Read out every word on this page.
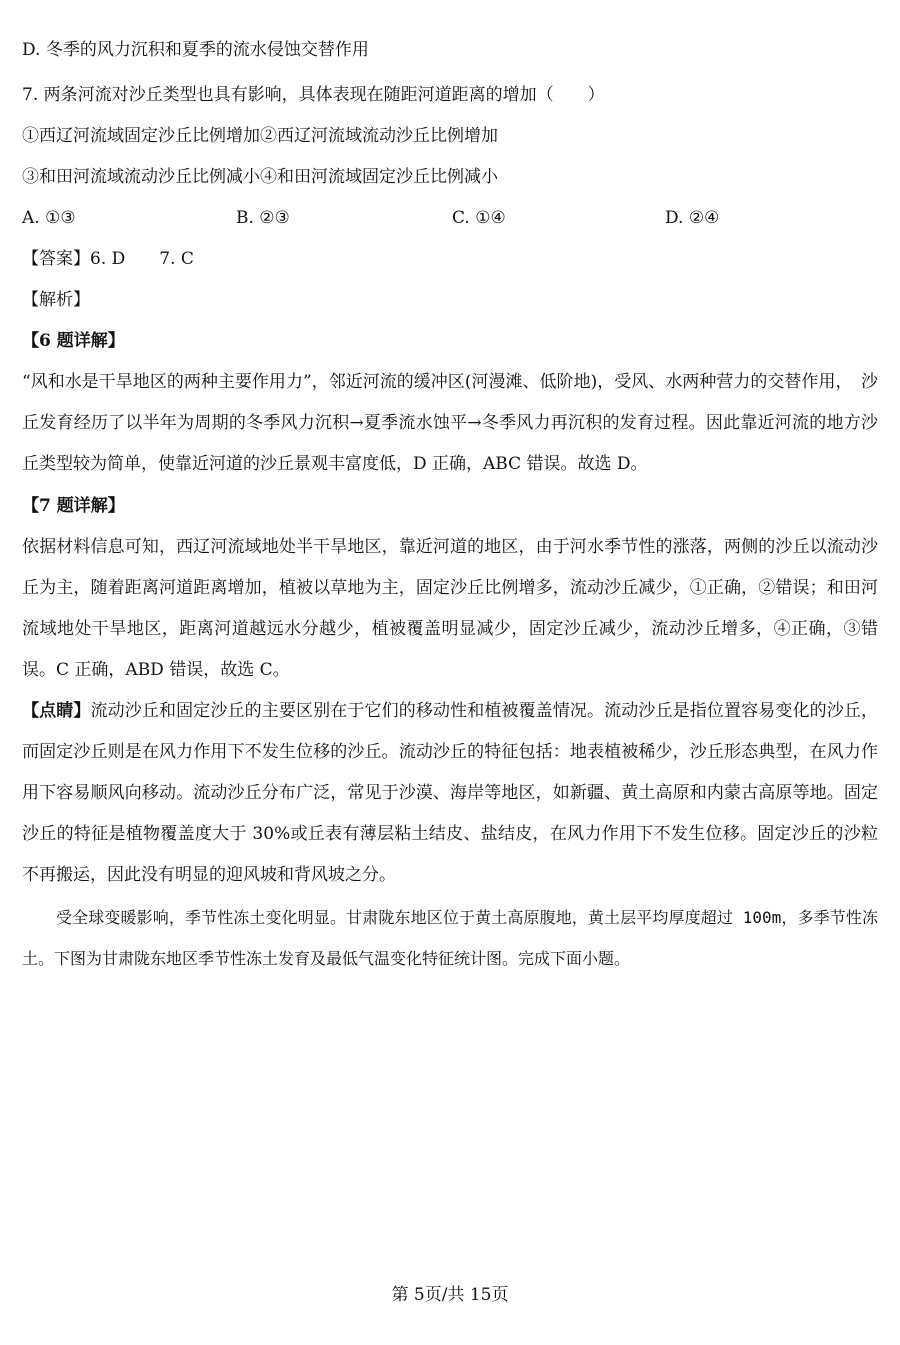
D. 冬季的风力沉积和夏季的流水侵蚀交替作用
7. 两条河流对沙丘类型也具有影响，具体表现在随距河道距离的增加（　　）
①西辽河流域固定沙丘比例增加②西辽河流域流动沙丘比例增加
③和田河流域流动沙丘比例减小④和田河流域固定沙丘比例减小
A. ①③	B. ②③	C. ①④	D. ②④
【答案】6. D 7. C
【解析】
【6 题详解】
“风和水是干旱地区的两种主要作用力”，邻近河流的缓冲区(河漫滩、低阶地)，受风、水两种营力的交替作用，　沙丘发育经历了以半年为周期的冬季风力沉积→夏季流水蚀平→冬季风力再沉积的发育过程。因此靠近河流的地方沙丘类型较为简单，使靠近河道的沙丘景观丰富度低，D 正确，ABC 错误。故选 D。
【7 题详解】
依据材料信息可知，西辽河流域地处半干旱地区，靠近河道的地区，由于河水季节性的涨落，两侧的沙丘以流动沙丘为主，随着距离河道距离增加，植被以草地为主，固定沙丘比例增多，流动沙丘减少，①正确，②错误；和田河流域地处干旱地区，距离河道越远水分越少，植被覆盖明显减少，固定沙丘减少，流动沙丘增多，④正确，③错误。C 正确，ABD 错误，故选 C。
【点睛】流动沙丘和固定沙丘的主要区别在于它们的移动性和植被覆盖情况。流动沙丘是指位置容易变化的沙丘，而固定沙丘则是在风力作用下不发生位移的沙丘。流动沙丘的特征包括：地表植被稀少，沙丘形态典型，在风力作用下容易顺风向移动。流动沙丘分布广泛，常见于沙漠、海岸等地区，如新疆、黄土高原和内蒙古高原等地。固定沙丘的特征是植物覆盖度大于 30%或丘表有薄层粘土结皮、盐结皮，在风力作用下不发生位移。固定沙丘的沙粒不再搬运，因此没有明显的迎风坡和背风坡之分。
受全球变暖影响，季节性冻土变化明显。甘肃陇东地区位于黄土高原腹地，黄土层平均厚度超过 100m，多季节性冻土。下图为甘肃陇东地区季节性冻土发育及最低气温变化特征统计图。完成下面小题。
第 5页/共 15页
